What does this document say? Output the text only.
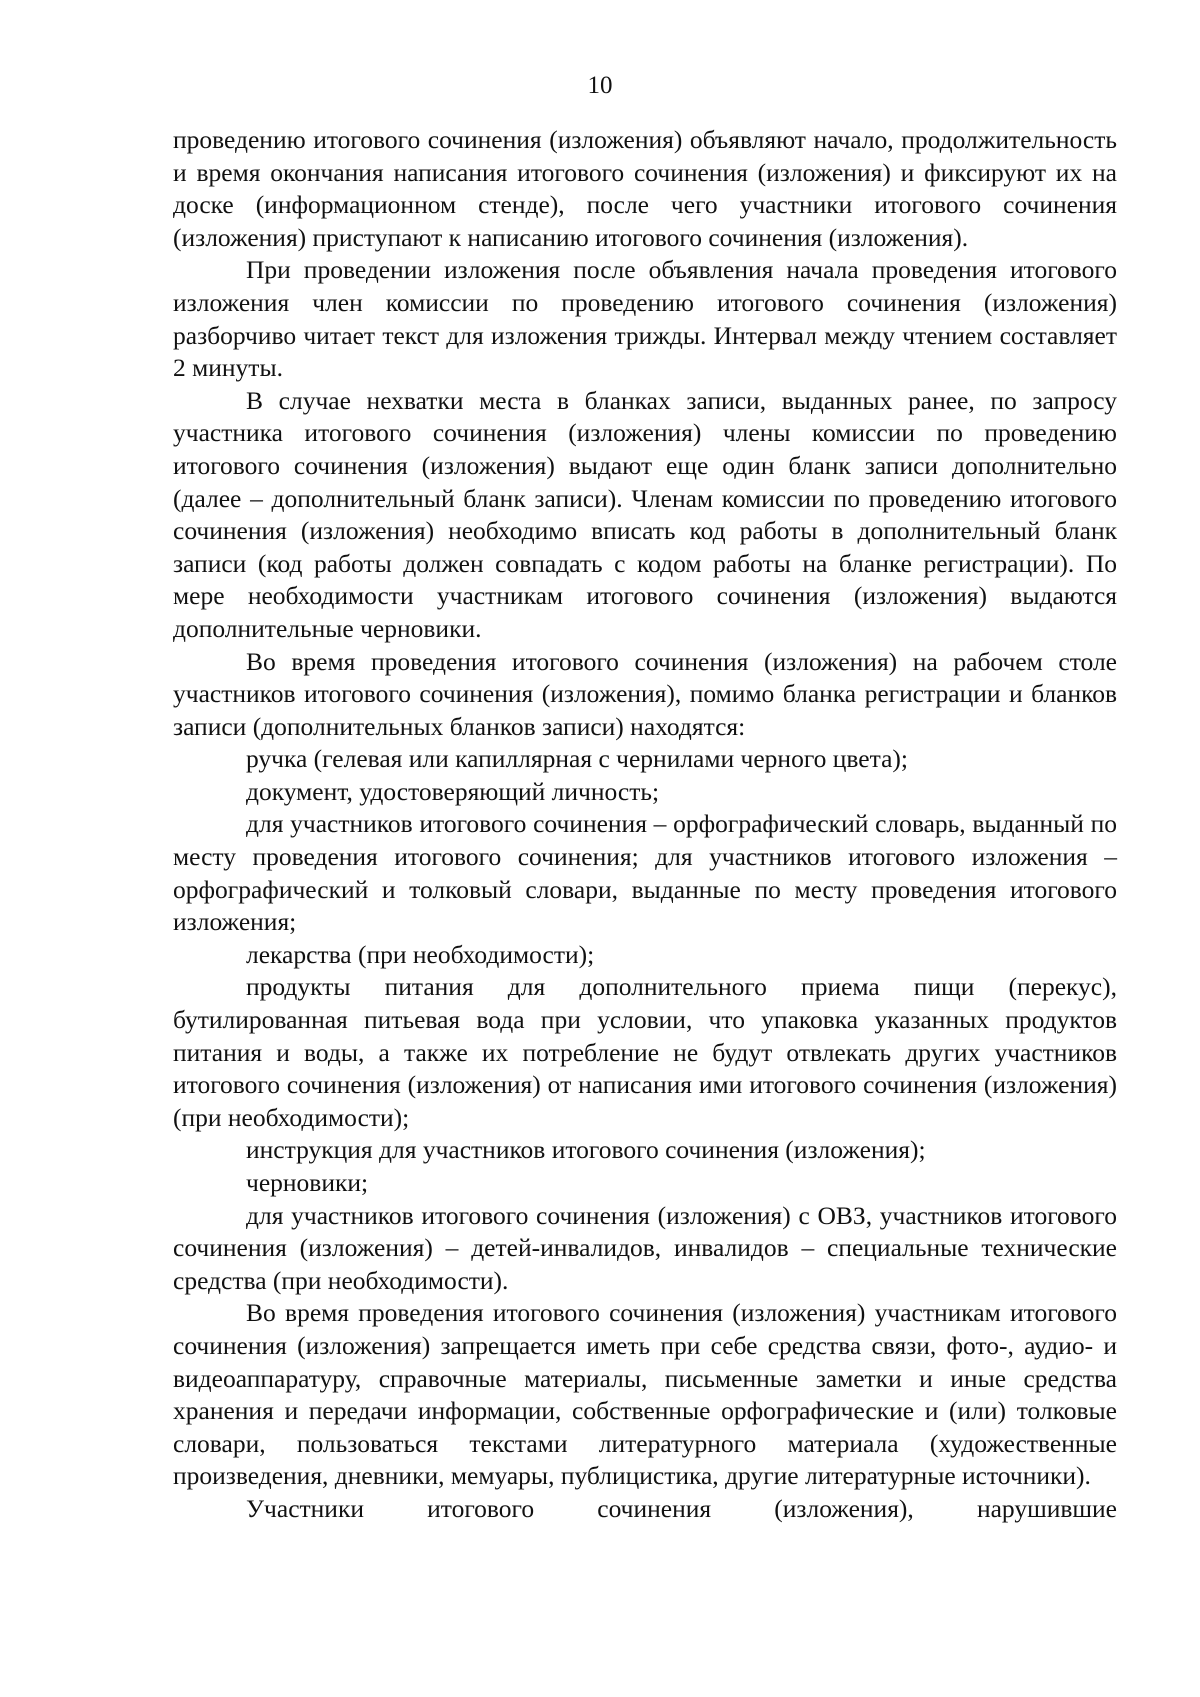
10

проведению итогового сочинения (изложения) объявляют начало, продолжительность и время окончания написания итогового сочинения (изложения) и фиксируют их на доске (информационном стенде), после чего участники итогового сочинения (изложения) приступают к написанию итогового сочинения (изложения).

При проведении изложения после объявления начала проведения итогового изложения член комиссии по проведению итогового сочинения (изложения) разборчиво читает текст для изложения трижды. Интервал между чтением составляет 2 минуты.

В случае нехватки места в бланках записи, выданных ранее, по запросу участника итогового сочинения (изложения) члены комиссии по проведению итогового сочинения (изложения) выдают еще один бланк записи дополнительно (далее – дополнительный бланк записи). Членам комиссии по проведению итогового сочинения (изложения) необходимо вписать код работы в дополнительный бланк записи (код работы должен совпадать с кодом работы на бланке регистрации). По мере необходимости участникам итогового сочинения (изложения) выдаются дополнительные черновики.

Во время проведения итогового сочинения (изложения) на рабочем столе участников итогового сочинения (изложения), помимо бланка регистрации и бланков записи (дополнительных бланков записи) находятся:

ручка (гелевая или капиллярная с чернилами черного цвета);

документ, удостоверяющий личность;

для участников итогового сочинения – орфографический словарь, выданный по месту проведения итогового сочинения; для участников итогового изложения – орфографический и толковый словари, выданные по месту проведения итогового изложения;

лекарства (при необходимости);

продукты питания для дополнительного приема пищи (перекус), бутилированная питьевая вода при условии, что упаковка указанных продуктов питания и воды, а также их потребление не будут отвлекать других участников итогового сочинения (изложения) от написания ими итогового сочинения (изложения) (при необходимости);

инструкция для участников итогового сочинения (изложения);

черновики;

для участников итогового сочинения (изложения) с ОВЗ, участников итогового сочинения (изложения) – детей-инвалидов, инвалидов – специальные технические средства (при необходимости).

Во время проведения итогового сочинения (изложения) участникам итогового сочинения (изложения) запрещается иметь при себе средства связи, фото-, аудио- и видеоаппаратуру, справочные материалы, письменные заметки и иные средства хранения и передачи информации, собственные орфографические и (или) толковые словари, пользоваться текстами литературного материала (художественные произведения, дневники, мемуары, публицистика, другие литературные источники).

Участники итогового сочинения (изложения), нарушившие
